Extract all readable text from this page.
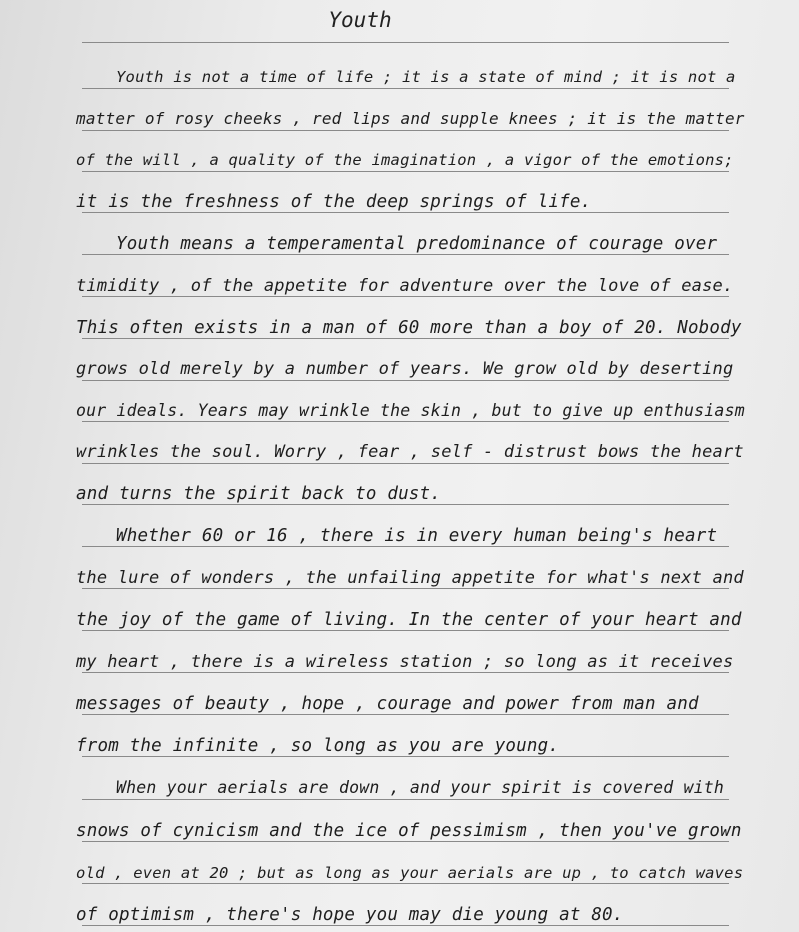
Youth
Youth is not a time of life ; it is a state of mind ; it is not a
matter of rosy cheeks , red lips and supple knees ; it is the matter
of the will , a quality of the imagination , a vigor of the emotions;
it is the freshness of the deep springs of life.
Youth means a temperamental predominance of courage over
timidity , of the appetite for adventure over the love of ease.
This often exists in a man of 60 more than a boy of 20. Nobody
grows old merely by a number of years. We grow old by deserting
our ideals. Years may wrinkle the skin , but to give up enthusiasm
wrinkles the soul. Worry , fear , self - distrust bows the heart
and turns the spirit back to dust.
Whether 60 or 16 , there is in every human being's heart
the lure of wonders , the unfailing appetite for what's next and
the joy of the game of living. In the center of your heart and
my heart , there is a wireless station ; so long as it receives
messages of beauty , hope , courage and power from man and
from the infinite , so long as you are young.
When your aerials are down , and your spirit is covered with
snows of cynicism and the ice of pessimism , then you've grown
old , even at 20 ; but as long as your aerials are up , to catch waves
of optimism , there's hope you may die young at 80.
